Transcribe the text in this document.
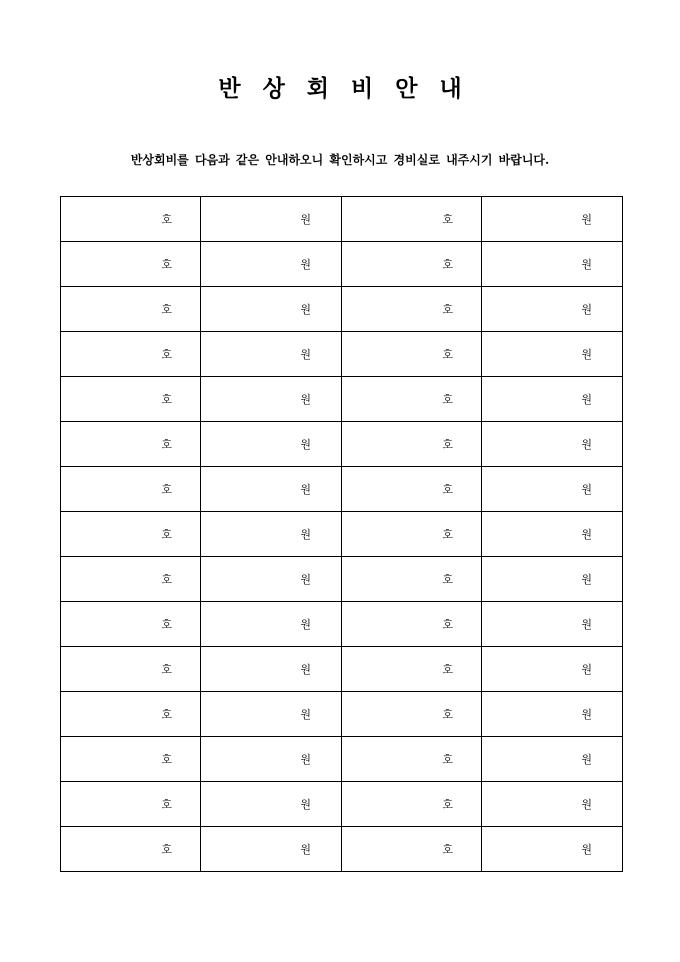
반 상 회 비 안 내
반상회비를 다음과 같은 안내하오니 확인하시고 경비실로 내주시기 바랍니다.
호	원	호	원
호	원	호	원
호	원	호	원
호	원	호	원
호	원	호	원
호	원	호	원
호	원	호	원
호	원	호	원
호	원	호	원
호	원	호	원
호	원	호	원
호	원	호	원
호	원	호	원
호	원	호	원
호	원	호	원
